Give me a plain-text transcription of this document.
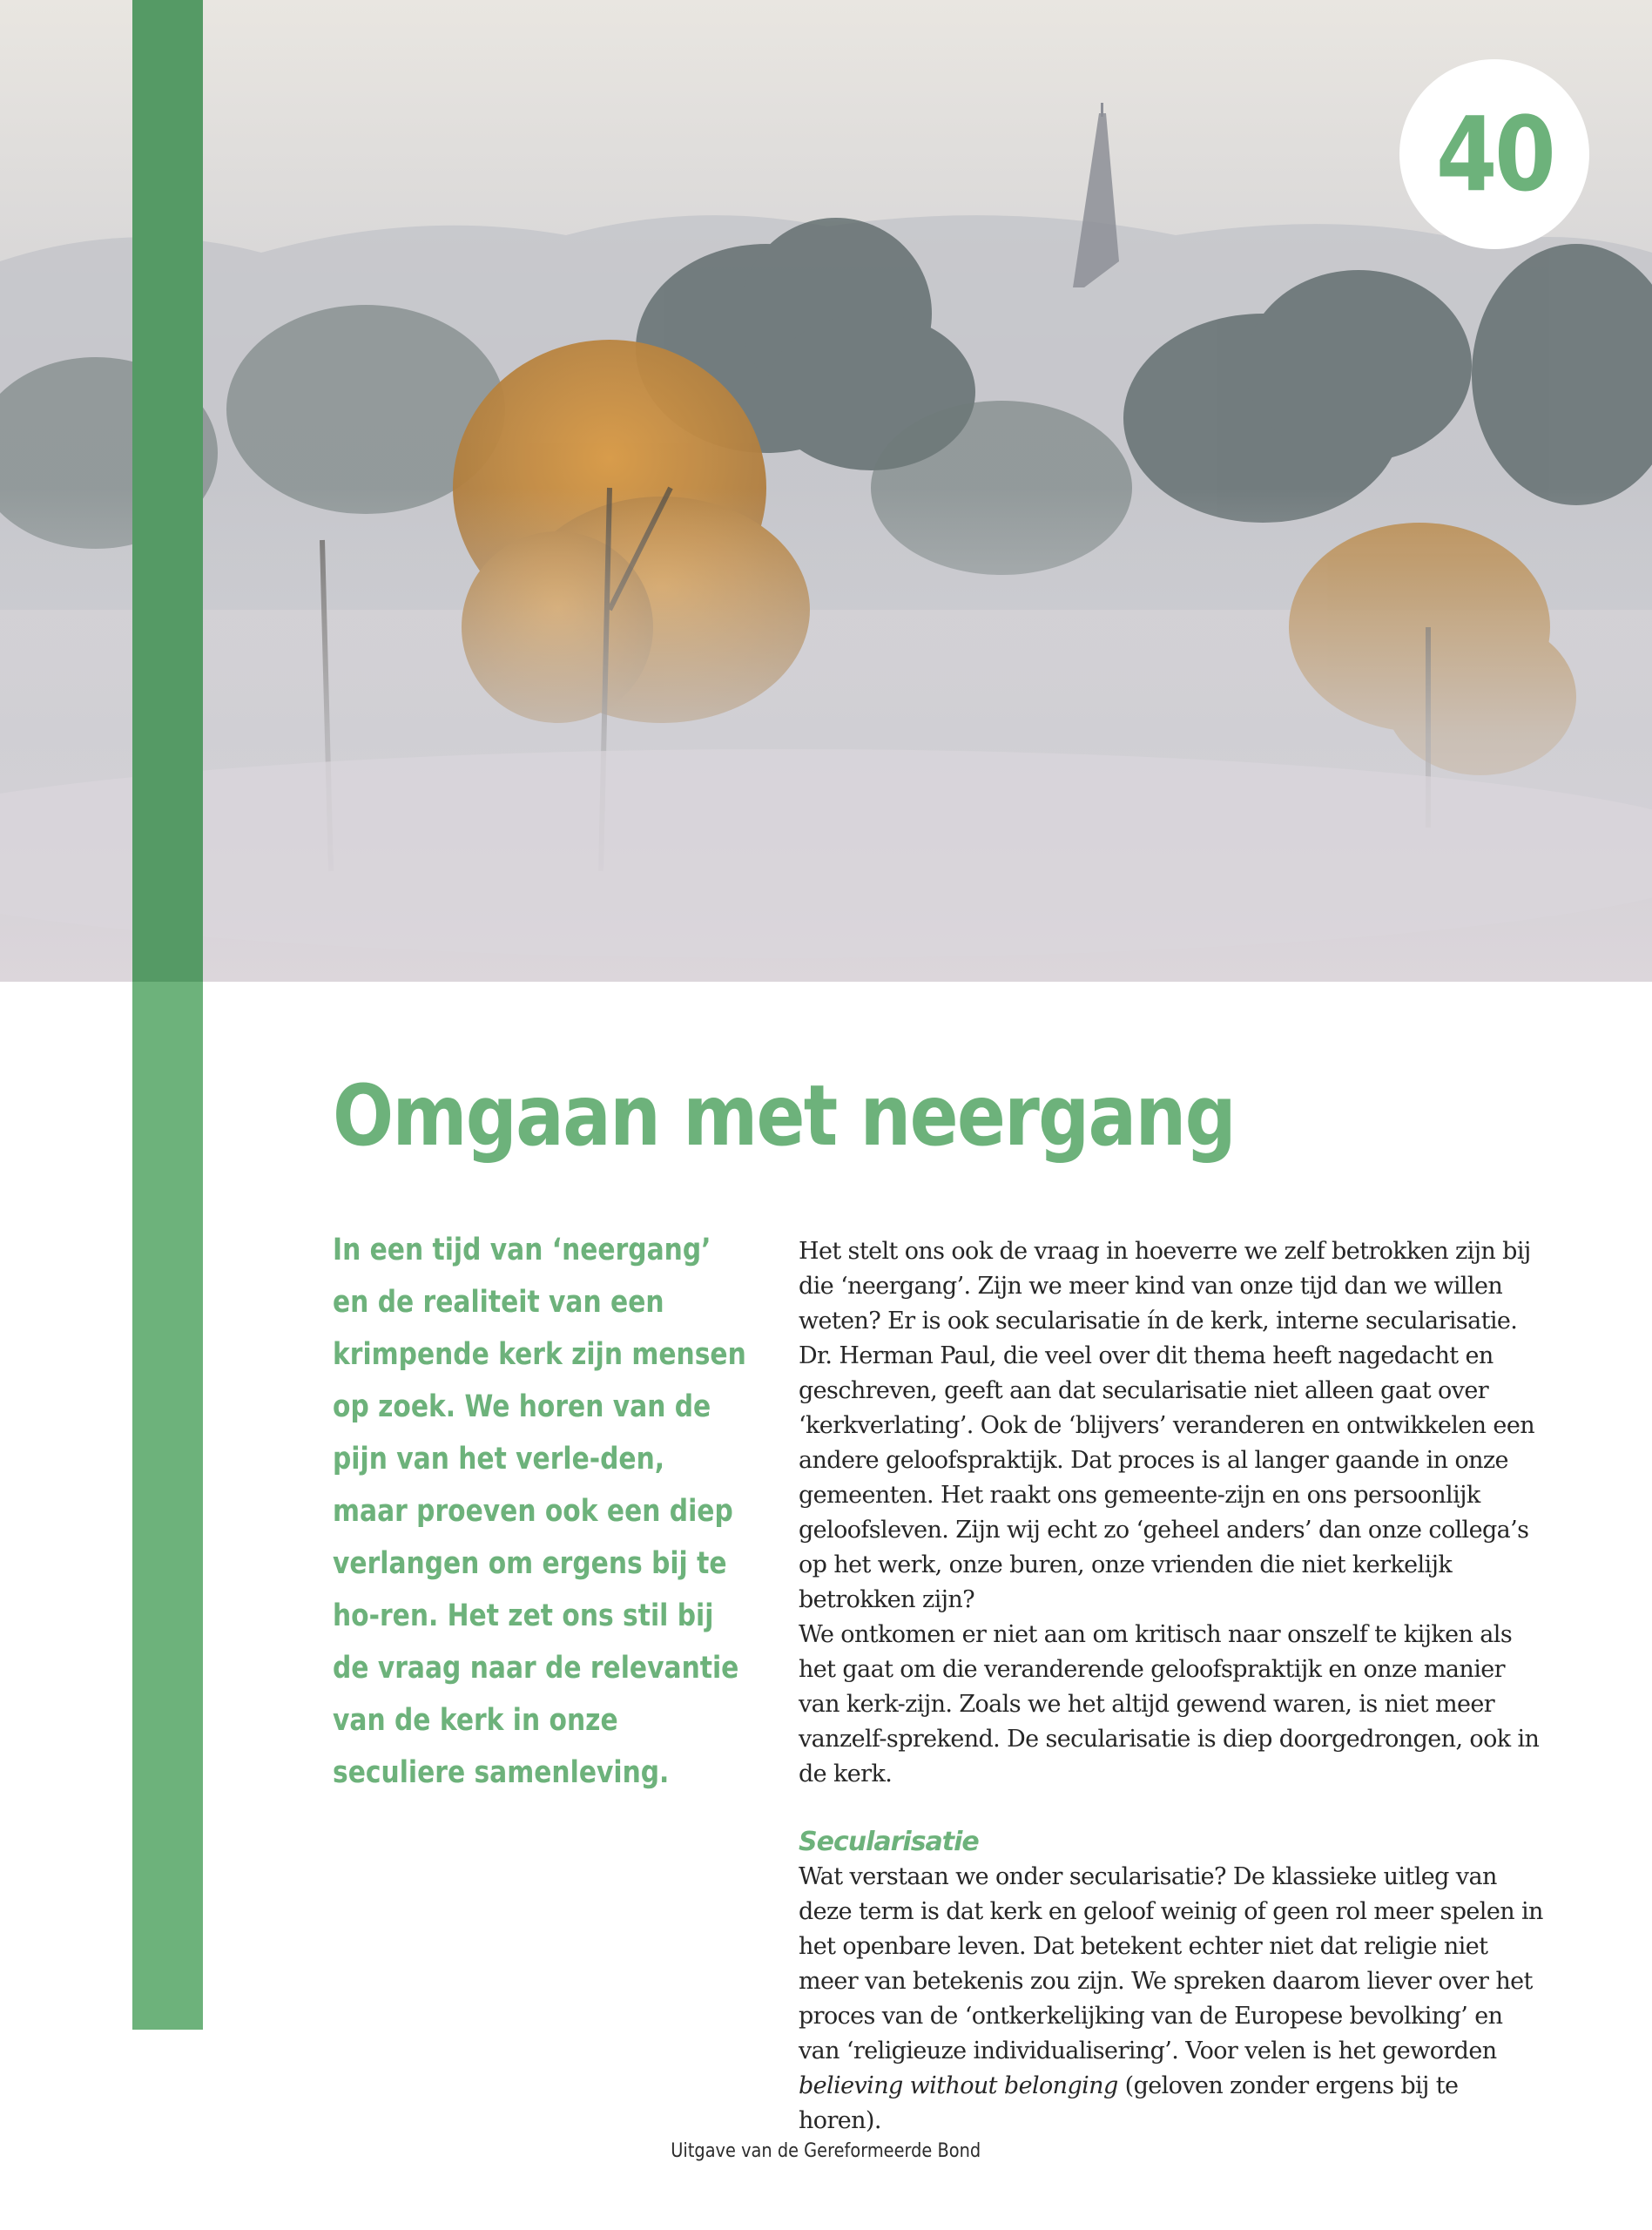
40
Omgaan met neergang

In een tijd van ‘neergang’ en de realiteit van een krimpende kerk zijn mensen op zoek. We horen van de pijn van het verle-den, maar proeven ook een diep verlangen om ergens bij te ho-ren. Het zet ons stil bij de vraag naar de relevantie van de kerk in onze seculiere samenleving.

Het stelt ons ook de vraag in hoeverre we zelf betrokken zijn bij die ‘neergang’. Zijn we meer kind van onze tijd dan we willen weten? Er is ook secularisatie ín de kerk, interne secularisatie. Dr. Herman Paul, die veel over dit thema heeft nagedacht en geschreven, geeft aan dat secularisatie niet alleen gaat over ‘kerkverlating’. Ook de ‘blijvers’ veranderen en ontwikkelen een andere geloofspraktijk. Dat proces is al langer gaande in onze gemeenten. Het raakt ons gemeente-zijn en ons persoonlijk geloofsleven. Zijn wij echt zo ‘geheel anders’ dan onze collega’s op het werk, onze buren, onze vrienden die niet kerkelijk betrokken zijn?

We ontkomen er niet aan om kritisch naar onszelf te kijken als het gaat om die veranderende geloofspraktijk en onze manier van kerk-zijn. Zoals we het altijd gewend waren, is niet meer vanzelf-sprekend. De secularisatie is diep doorgedrongen, ook in de kerk.

Secularisatie

Wat verstaan we onder secularisatie? De klassieke uitleg van deze term is dat kerk en geloof weinig of geen rol meer spelen in het openbare leven. Dat betekent echter niet dat religie niet meer van betekenis zou zijn. We spreken daarom liever over het proces van de ‘ontkerkelijking van de Europese bevolking’ en van ‘religieuze individualisering’. Voor velen is het geworden believing without belonging (geloven zonder ergens bij te horen).

Uitgave van de Gereformeerde Bond
